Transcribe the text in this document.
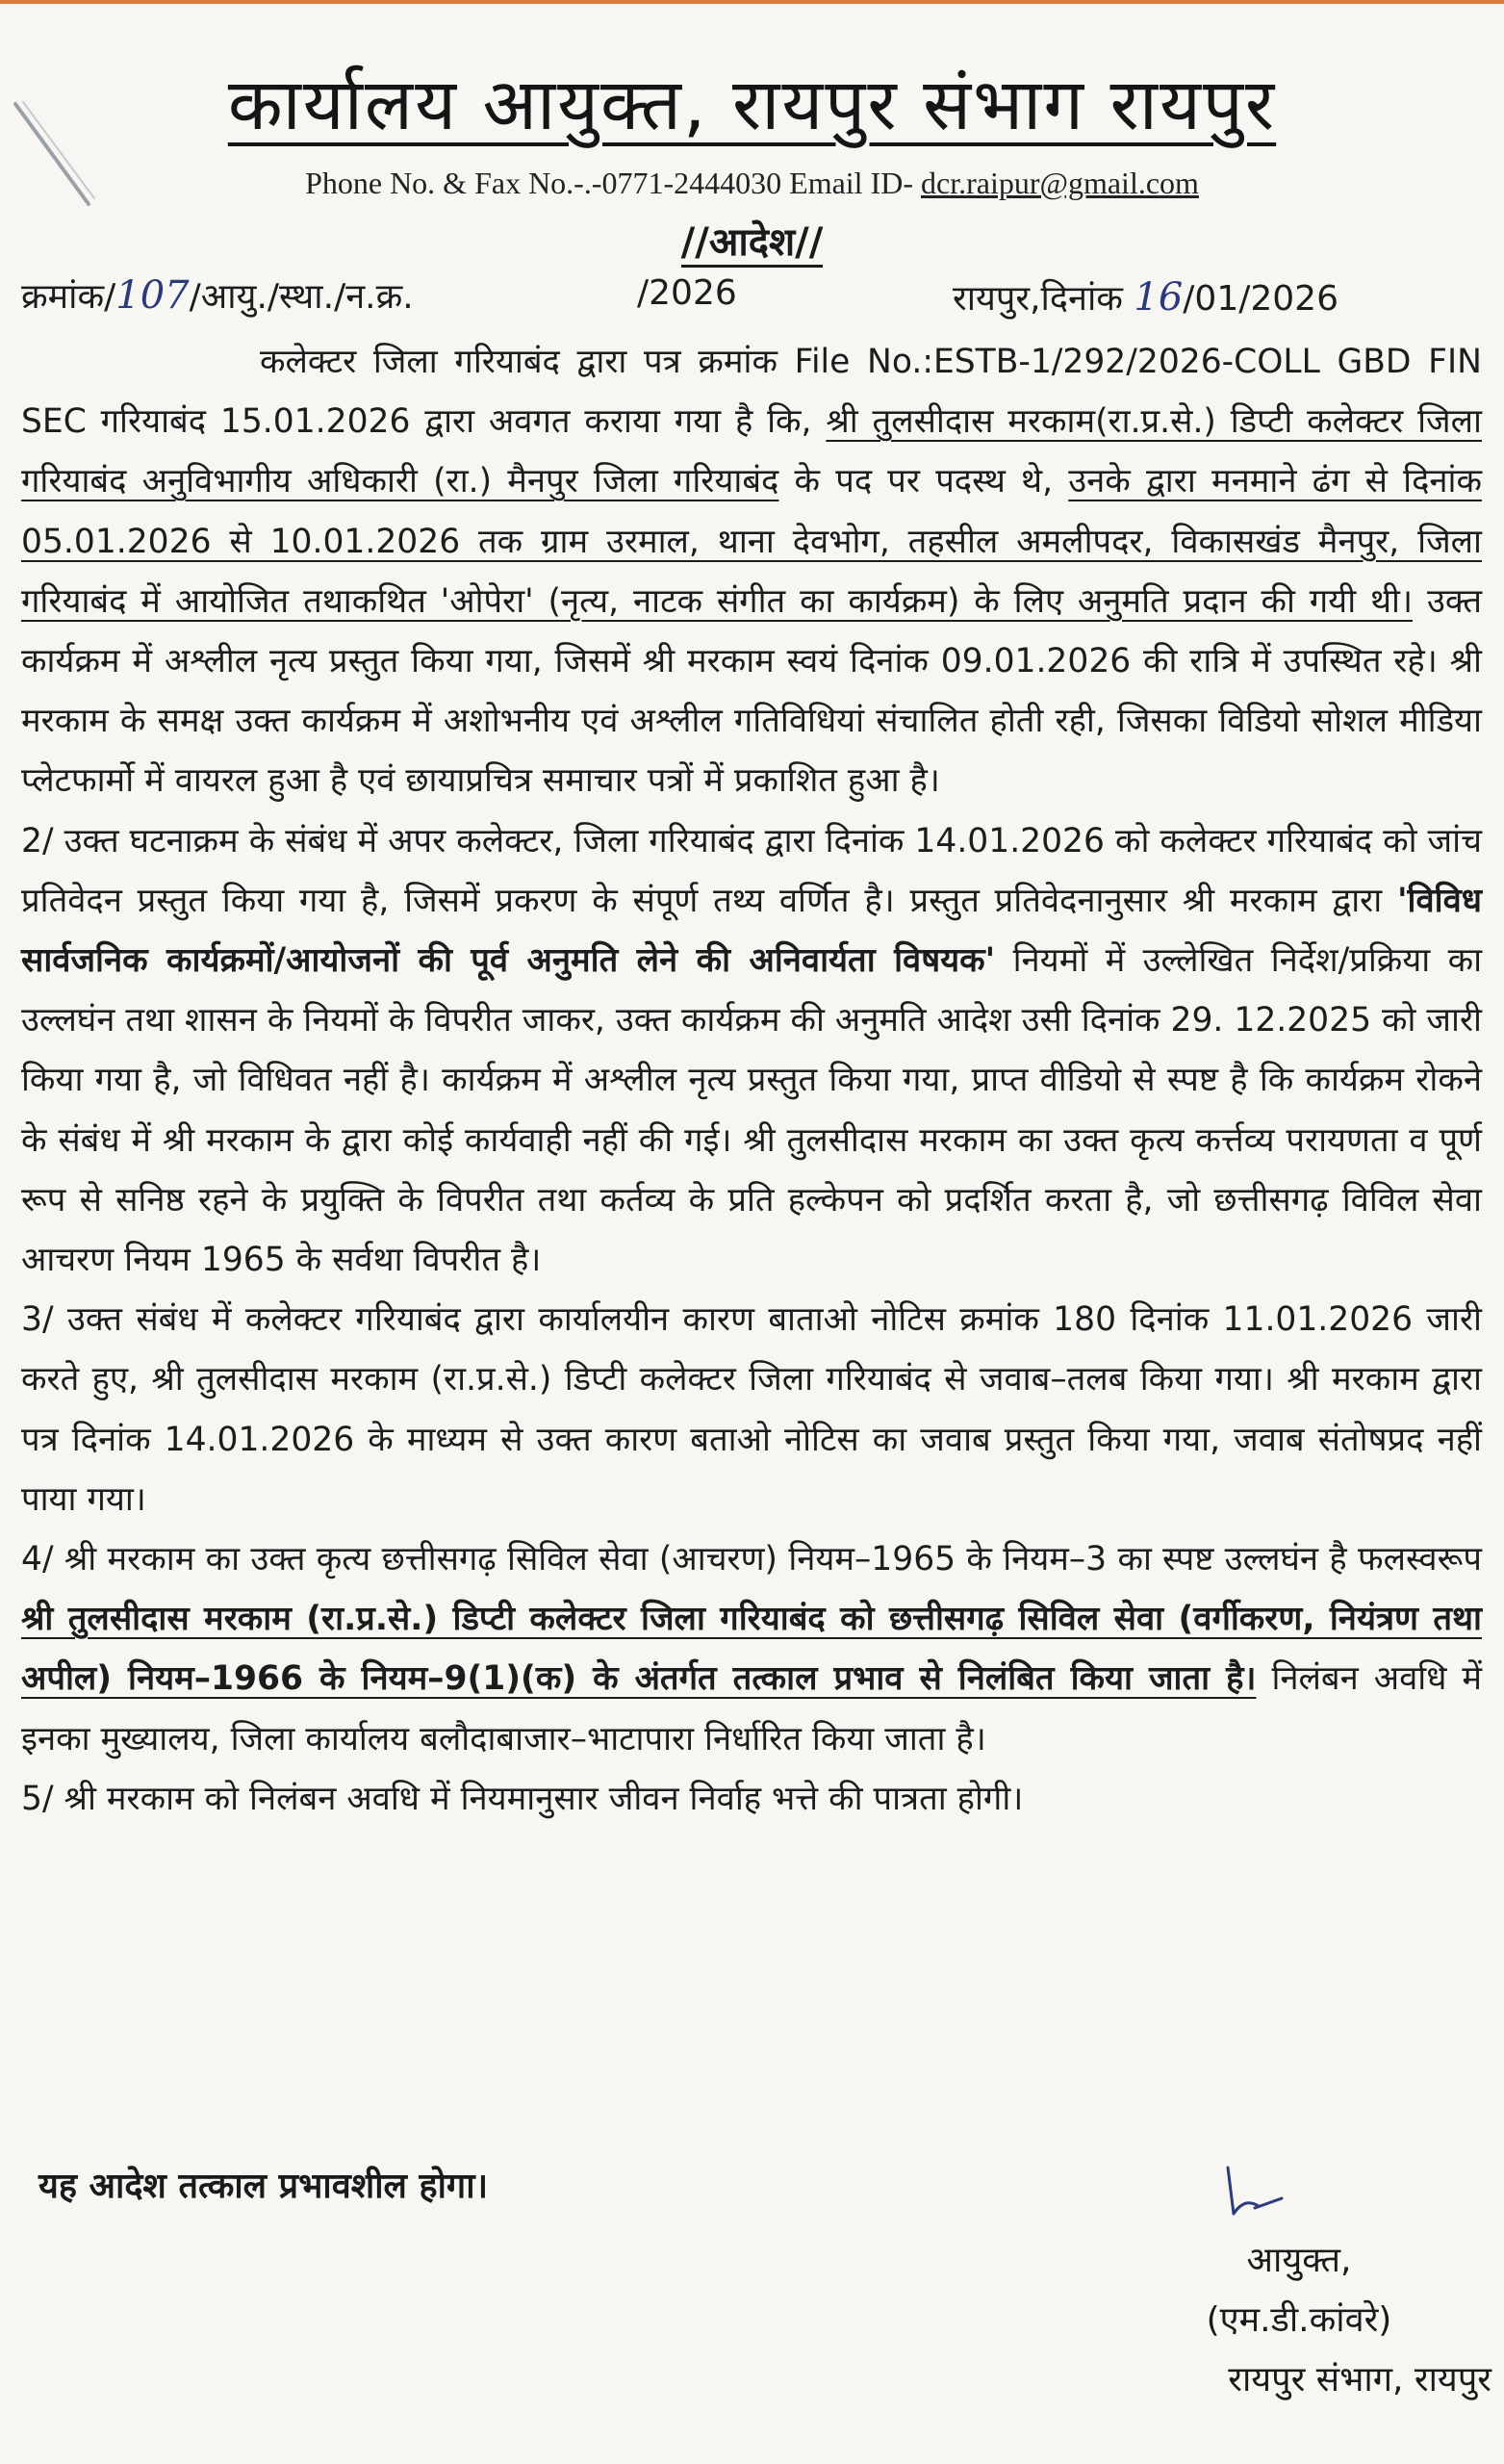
कार्यालय आयुक्त, रायपुर संभाग रायपुर
Phone No. & Fax No.-.-0771-2444030 Email ID- dcr.raipur@gmail.com
//आदेश//
क्रमांक/107/आयु./स्था./न.क्र.	/2026	रायपुर,दिनांक 16/01/2026

कलेक्टर जिला गरियाबंद द्वारा पत्र क्रमांक File No.:ESTB-1/292/2026-COLL GBD FIN SEC गरियाबंद 15.01.2026 द्वारा अवगत कराया गया है कि, श्री तुलसीदास मरकाम(रा.प्र.से.) डिप्टी कलेक्टर जिला गरियाबंद अनुविभागीय अधिकारी (रा.) मैनपुर जिला गरियाबंद के पद पर पदस्थ थे, उनके द्वारा मनमाने ढंग से दिनांक 05.01.2026 से 10.01.2026 तक ग्राम उरमाल, थाना देवभोग, तहसील अमलीपदर, विकासखंड मैनपुर, जिला गरियाबंद में आयोजित तथाकथित 'ओपेरा' (नृत्य, नाटक संगीत का कार्यक्रम) के लिए अनुमति प्रदान की गयी थी। उक्त कार्यक्रम में अश्लील नृत्य प्रस्तुत किया गया, जिसमें श्री मरकाम स्वयं दिनांक 09.01.2026 की रात्रि में उपस्थित रहे। श्री मरकाम के समक्ष उक्त कार्यक्रम में अशोभनीय एवं अश्लील गतिविधियां संचालित होती रही, जिसका विडियो सोशल मीडिया प्लेटफार्मो में वायरल हुआ है एवं छायाप्रचित्र समाचार पत्रों में प्रकाशित हुआ है।

2/ उक्त घटनाक्रम के संबंध में अपर कलेक्टर, जिला गरियाबंद द्वारा दिनांक 14.01.2026 को कलेक्टर गरियाबंद को जांच प्रतिवेदन प्रस्तुत किया गया है, जिसमें प्रकरण के संपूर्ण तथ्य वर्णित है। प्रस्तुत प्रतिवेदनानुसार श्री मरकाम द्वारा 'विविध सार्वजनिक कार्यक्रमों/आयोजनों की पूर्व अनुमति लेने की अनिवार्यता विषयक' नियमों में उल्लेखित निर्देश/प्रक्रिया का उल्लघंन तथा शासन के नियमों के विपरीत जाकर, उक्त कार्यक्रम की अनुमति आदेश उसी दिनांक 29. 12.2025 को जारी किया गया है, जो विधिवत नहीं है। कार्यक्रम में अश्लील नृत्य प्रस्तुत किया गया, प्राप्त वीडियो से स्पष्ट है कि कार्यक्रम रोकने के संबंध में श्री मरकाम के द्वारा कोई कार्यवाही नहीं की गई। श्री तुलसीदास मरकाम का उक्त कृत्य कर्त्तव्य परायणता व पूर्ण रूप से सनिष्ठ रहने के प्रयुक्ति के विपरीत तथा कर्तव्य के प्रति हल्केपन को प्रदर्शित करता है, जो छत्तीसगढ़ विविल सेवा आचरण नियम 1965 के सर्वथा विपरीत है।

3/ उक्त संबंध में कलेक्टर गरियाबंद द्वारा कार्यालयीन कारण बाताओ नोटिस क्रमांक 180 दिनांक 11.01.2026 जारी करते हुए, श्री तुलसीदास मरकाम (रा.प्र.से.) डिप्टी कलेक्टर जिला गरियाबंद से जवाब–तलब किया गया। श्री मरकाम द्वारा पत्र दिनांक 14.01.2026 के माध्यम से उक्त कारण बताओ नोटिस का जवाब प्रस्तुत किया गया, जवाब संतोषप्रद नहीं पाया गया।

4/ श्री मरकाम का उक्त कृत्य छत्तीसगढ़ सिविल सेवा (आचरण) नियम–1965 के नियम–3 का स्पष्ट उल्लघंन है फलस्वरूप श्री तुलसीदास मरकाम (रा.प्र.से.) डिप्टी कलेक्टर जिला गरियाबंद को छत्तीसगढ़ सिविल सेवा (वर्गीकरण, नियंत्रण तथा अपील) नियम–1966 के नियम–9(1)(क) के अंतर्गत तत्काल प्रभाव से निलंबित किया जाता है। निलंबन अवधि में इनका मुख्यालय, जिला कार्यालय बलौदाबाजार–भाटापारा निर्धारित किया जाता है।

5/ श्री मरकाम को निलंबन अवधि में नियमानुसार जीवन निर्वाह भत्ते की पात्रता होगी।

यह आदेश तत्काल प्रभावशील होगा।
आयुक्त,
(एम.डी.कांवरे)
रायपुर संभाग, रायपुर
